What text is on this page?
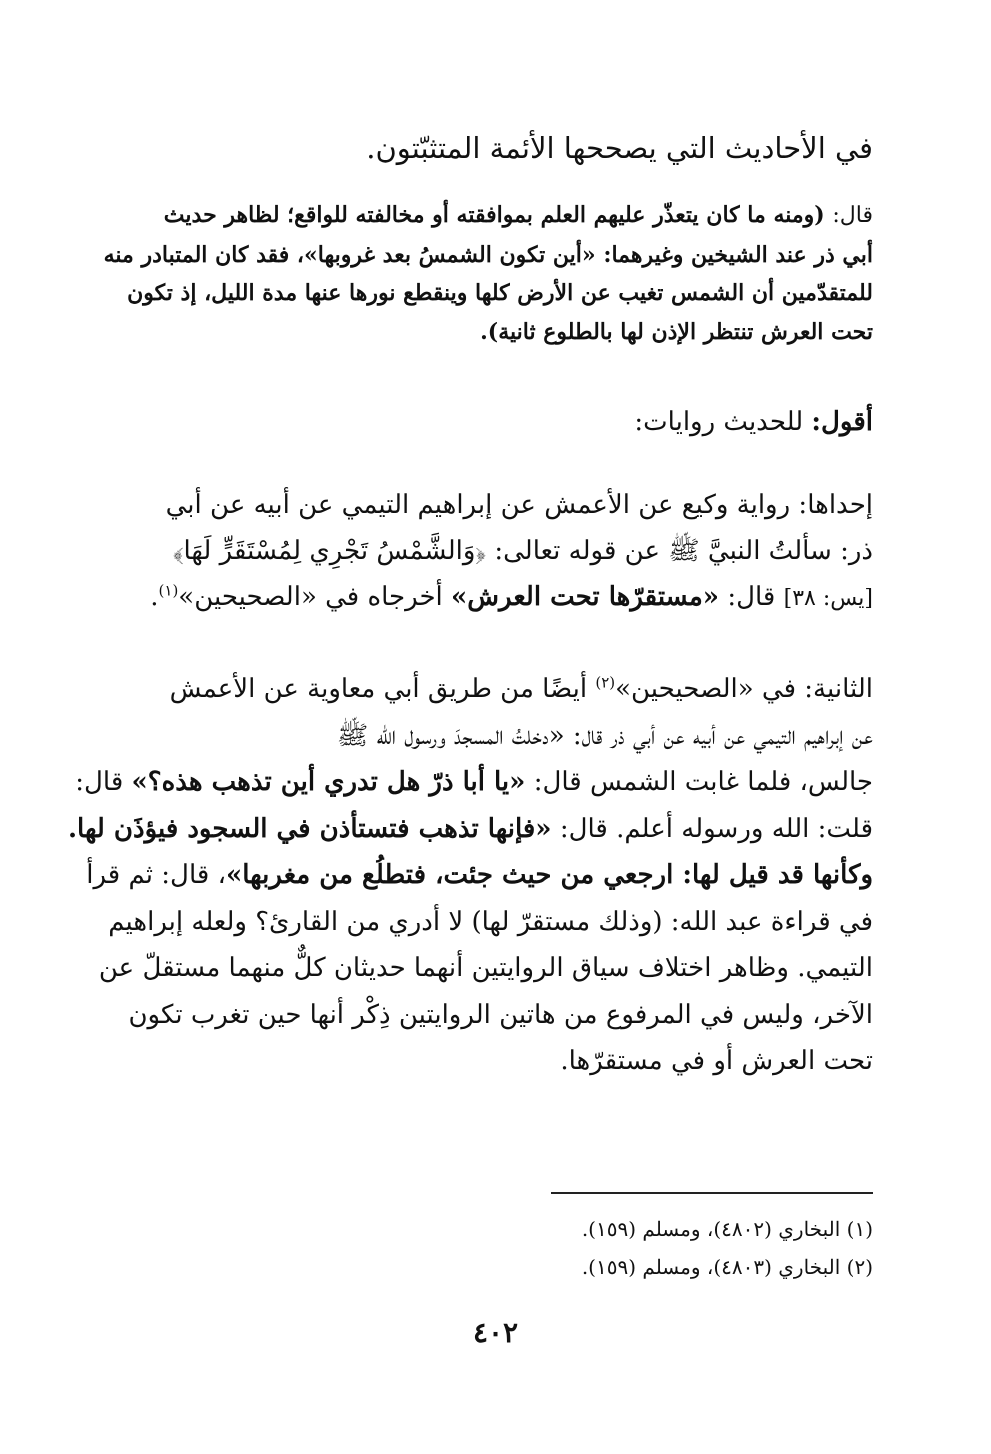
في الأحاديث التي يصححها الأئمة المتثبّتون.
قال: (ومنه ما كان يتعذّر عليهم العلم بموافقته أو مخالفته للواقع؛ لظاهر حديث
أبي ذر عند الشيخين وغيرهما: «أين تكون الشمسُ بعد غروبها»، فقد كان المتبادر منه
للمتقدّمين أن الشمس تغيب عن الأرض كلها وينقطع نورها عنها مدة الليل، إذ تكون
تحت العرش تنتظر الإذن لها بالطلوع ثانية).
أقول: للحديث روايات:
إحداها: رواية وكيع عن الأعمش عن إبراهيم التيمي عن أبيه عن أبي
ذر: سألتُ النبيَّ ﷺ عن قوله تعالى: ﴿وَالشَّمْسُ تَجْرِي لِمُسْتَقَرٍّ لَهَا﴾
[يس: ٣٨] قال: «مستقرّها تحت العرش» أخرجاه في «الصحيحين»$^{(١)}$.
الثانية: في «الصحيحين»$^{(٢)}$ أيضًا من طريق أبي معاوية عن الأعمش
عن إبراهيم التيمي عن أبيه عن أبي ذر قال: «دخلتُ المسجدَ ورسول الله ﷺ
جالس، فلما غابت الشمس قال: «يا أبا ذرّ هل تدري أين تذهب هذه؟» قال:
قلت: الله ورسوله أعلم. قال: «فإنها تذهب فتستأذن في السجود فيؤذَن لها.
وكأنها قد قيل لها: ارجعي من حيث جئت، فتطلُع من مغربها»، قال: ثم قرأ
في قراءة عبد الله: (وذلك مستقرّ لها) لا أدري من القارئ؟ ولعله إبراهيم
التيمي. وظاهر اختلاف سياق الروايتين أنهما حديثان كلٌّ منهما مستقلّ عن
الآخر، وليس في المرفوع من هاتين الروايتين ذِكْر أنها حين تغرب تكون
تحت العرش أو في مستقرّها.
(١) البخاري (٤٨٠٢)، ومسلم (١٥٩).
(٢) البخاري (٤٨٠٣)، ومسلم (١٥٩).
٤٠٢
